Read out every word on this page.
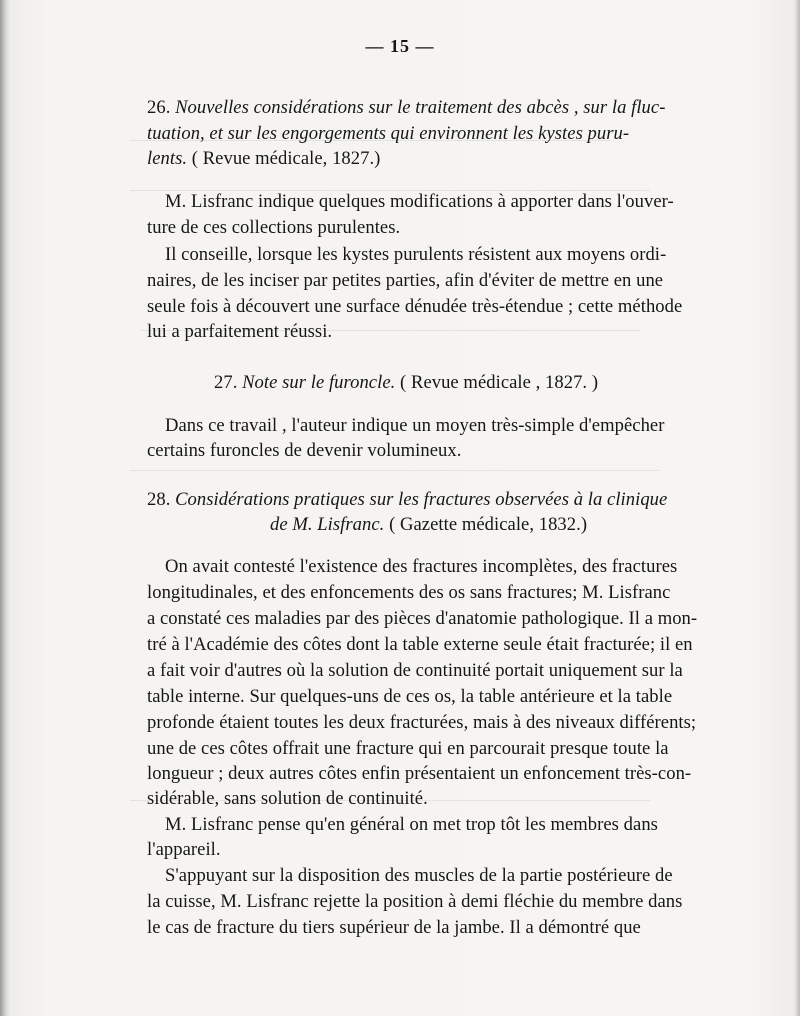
— 15 —
26. Nouvelles considérations sur le traitement des abcès , sur la fluc-
tuation, et sur les engorgements qui environnent les kystes puru-
lents. ( Revue médicale, 1827.)
M. Lisfranc indique quelques modifications à apporter dans l'ouver-
ture de ces collections purulentes.
Il conseille, lorsque les kystes purulents résistent aux moyens ordi-
naires, de les inciser par petites parties, afin d'éviter de mettre en une
seule fois à découvert une surface dénudée très-étendue ; cette méthode
lui a parfaitement réussi.
27. Note sur le furoncle. ( Revue médicale , 1827. )
Dans ce travail , l'auteur indique un moyen très-simple d'empêcher
certains furoncles de devenir volumineux.
28. Considérations pratiques sur les fractures observées à la clinique
de M. Lisfranc. ( Gazette médicale, 1832.)
On avait contesté l'existence des fractures incomplètes, des fractures
longitudinales, et des enfoncements des os sans fractures; M. Lisfranc
a constaté ces maladies par des pièces d'anatomie pathologique. Il a mon-
tré à l'Académie des côtes dont la table externe seule était fracturée; il en
a fait voir d'autres où la solution de continuité portait uniquement sur la
table interne. Sur quelques-uns de ces os, la table antérieure et la table
profonde étaient toutes les deux fracturées, mais à des niveaux différents;
une de ces côtes offrait une fracture qui en parcourait presque toute la
longueur ; deux autres côtes enfin présentaient un enfoncement très-con-
sidérable, sans solution de continuité.
M. Lisfranc pense qu'en général on met trop tôt les membres dans
l'appareil.
S'appuyant sur la disposition des muscles de la partie postérieure de
la cuisse, M. Lisfranc rejette la position à demi fléchie du membre dans
le cas de fracture du tiers supérieur de la jambe. Il a démontré que
